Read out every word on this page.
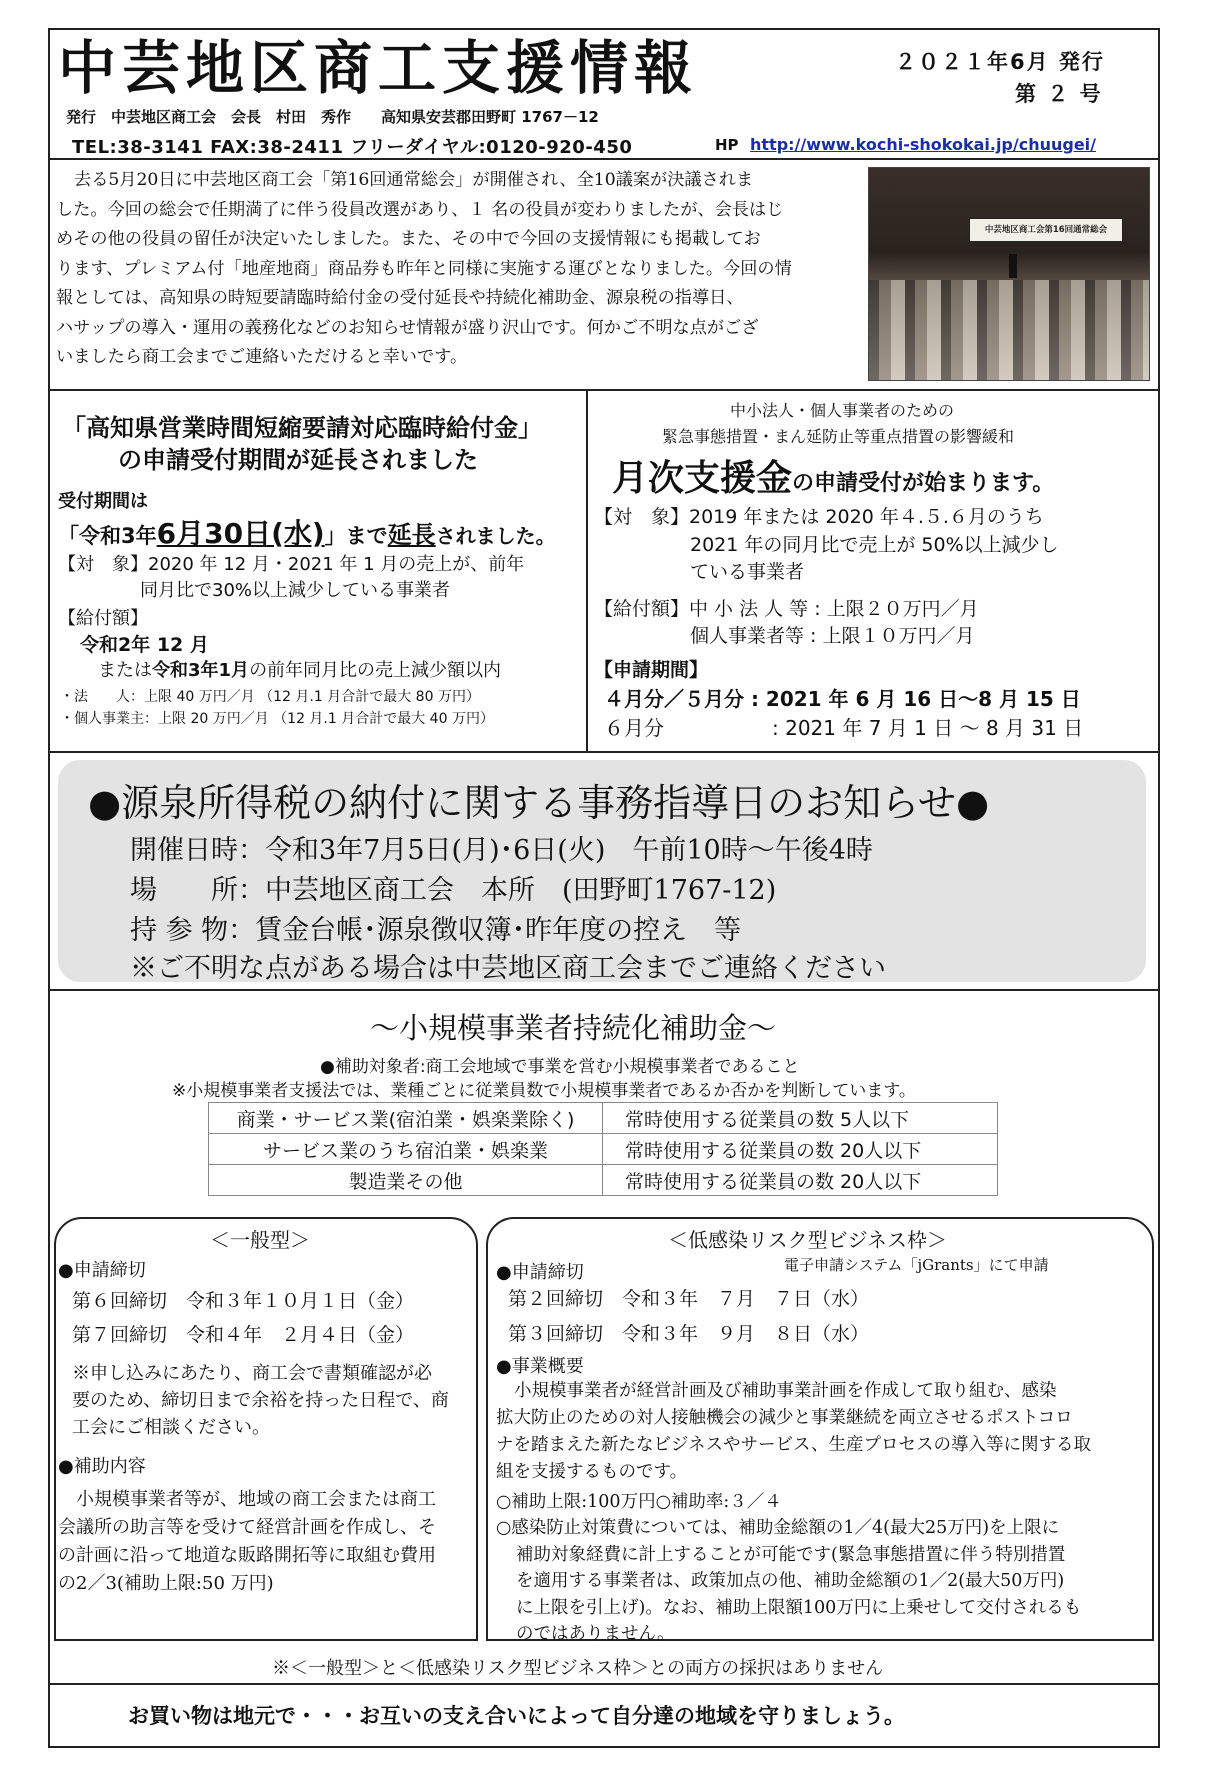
中芸地区商工支援情報	２０２１年6月 発行
第 ２ 号
発行　中芸地区商工会　会長　村田　秀作　　高知県安芸郡田野町 1767－12
TEL:38-3141 FAX:38-2411 フリーダイヤル:0120-920-450	HP http://www.kochi-shokokai.jp/chuugei/

去る5月20日に中芸地区商工会「第16回通常総会」が開催され、全10議案が決議されま

した。今回の総会で任期満了に伴う役員改選があり、１ 名の役員が変わりましたが、会長はじ

めその他の役員の留任が決定いたしました。また、その中で今回の支援情報にも掲載してお

ります、プレミアム付「地産地商」商品券も昨年と同様に実施する運びとなりました。今回の情

報としては、高知県の時短要請臨時給付金の受付延長や持続化補助金、源泉税の指導日、

ハサップの導入・運用の義務化などのお知らせ情報が盛り沢山です。何かご不明な点がござ

いましたら商工会までご連絡いただけると幸いです。

中芸地区商工会第16回通常総会
「高知県営業時間短縮要請対応臨時給付金」
の申請受付期間が延長されました
受付期間は
「令和3年6月30日(水)」まで延長されました。
【対　象】2020 年 12 月・2021 年 1 月の売上が、前年
同月比で30%以上減少している事業者
【給付額】
令和2年 12 月
または令和3年1月の前年同月比の売上減少額以内
・法　　人：上限 40 万円／月 （12 月.1 月合計で最大 80 万円）
・個人事業主：上限 20 万円／月 （12 月.1 月合計で最大 40 万円）
中小法人・個人事業者のための
緊急事態措置・まん延防止等重点措置の影響緩和
月次支援金の申請受付が始まります。
【対　象】2019 年または 2020 年４.５.６月のうち
2021 年の同月比で売上が 50%以上減少し
ている事業者
【給付額】中 小 法 人 等 : 上限２０万円／月
個人事業者等 : 上限１０万円／月
【申請期間】
４月分／５月分 : 2021 年 6 月 16 日～8 月 15 日
６月分	: 2021 年 7 月 1 日 ～ 8 月 31 日
●源泉所得税の納付に関する事務指導日のお知らせ●
開催日時：令和3年7月5日(月)･6日(火)　午前10時～午後4時
場　　所：中芸地区商工会　本所　(田野町1767-12)
持 参 物：賃金台帳･源泉徴収簿･昨年度の控え　等
※ご不明な点がある場合は中芸地区商工会までご連絡ください
～小規模事業者持続化補助金～
●補助対象者:商工会地域で事業を営む小規模事業者であること
※小規模事業者支援法では、業種ごとに従業員数で小規模事業者であるか否かを判断しています。
商業・サービス業(宿泊業・娯楽業除く)	常時使用する従業員の数 5人以下
サービス業のうち宿泊業・娯楽業	常時使用する従業員の数 20人以下
製造業その他	常時使用する従業員の数 20人以下
＜一般型＞
●申請締切
第６回締切　令和３年１０月１日（金）
第７回締切　令和４年　２月４日（金）

※申し込みにあたり、商工会で書類確認が必

要のため、締切日まで余裕を持った日程で、商

工会にご相談ください。

●補助内容

小規模事業者等が、地域の商工会または商工

会議所の助言等を受けて経営計画を作成し、そ

の計画に沿って地道な販路開拓等に取組む費用

の2／3(補助上限:50 万円)

＜低感染リスク型ビジネス枠＞
●申請締切	電子申請システム「jGrants」にて申請
第２回締切　令和３年　７月　７日（水）
第３回締切　令和３年　９月　８日（水）
●事業概要

小規模事業者が経営計画及び補助事業計画を作成して取り組む、感染

拡大防止のための対人接触機会の減少と事業継続を両立させるポストコロ

ナを踏まえた新たなビジネスやサービス、生産プロセスの導入等に関する取

組を支援するものです。

○補助上限:100万円○補助率:３／４

○感染防止対策費については、補助金総額の1／4(最大25万円)を上限に

補助対象経費に計上することが可能です(緊急事態措置に伴う特別措置

を適用する事業者は、政策加点の他、補助金総額の1／2(最大50万円)

に上限を引上げ)。なお、補助上限額100万円に上乗せして交付されるも

のではありません。

※＜一般型＞と＜低感染リスク型ビジネス枠＞との両方の採択はありません
お買い物は地元で・・・お互いの支え合いによって自分達の地域を守りましょう。
